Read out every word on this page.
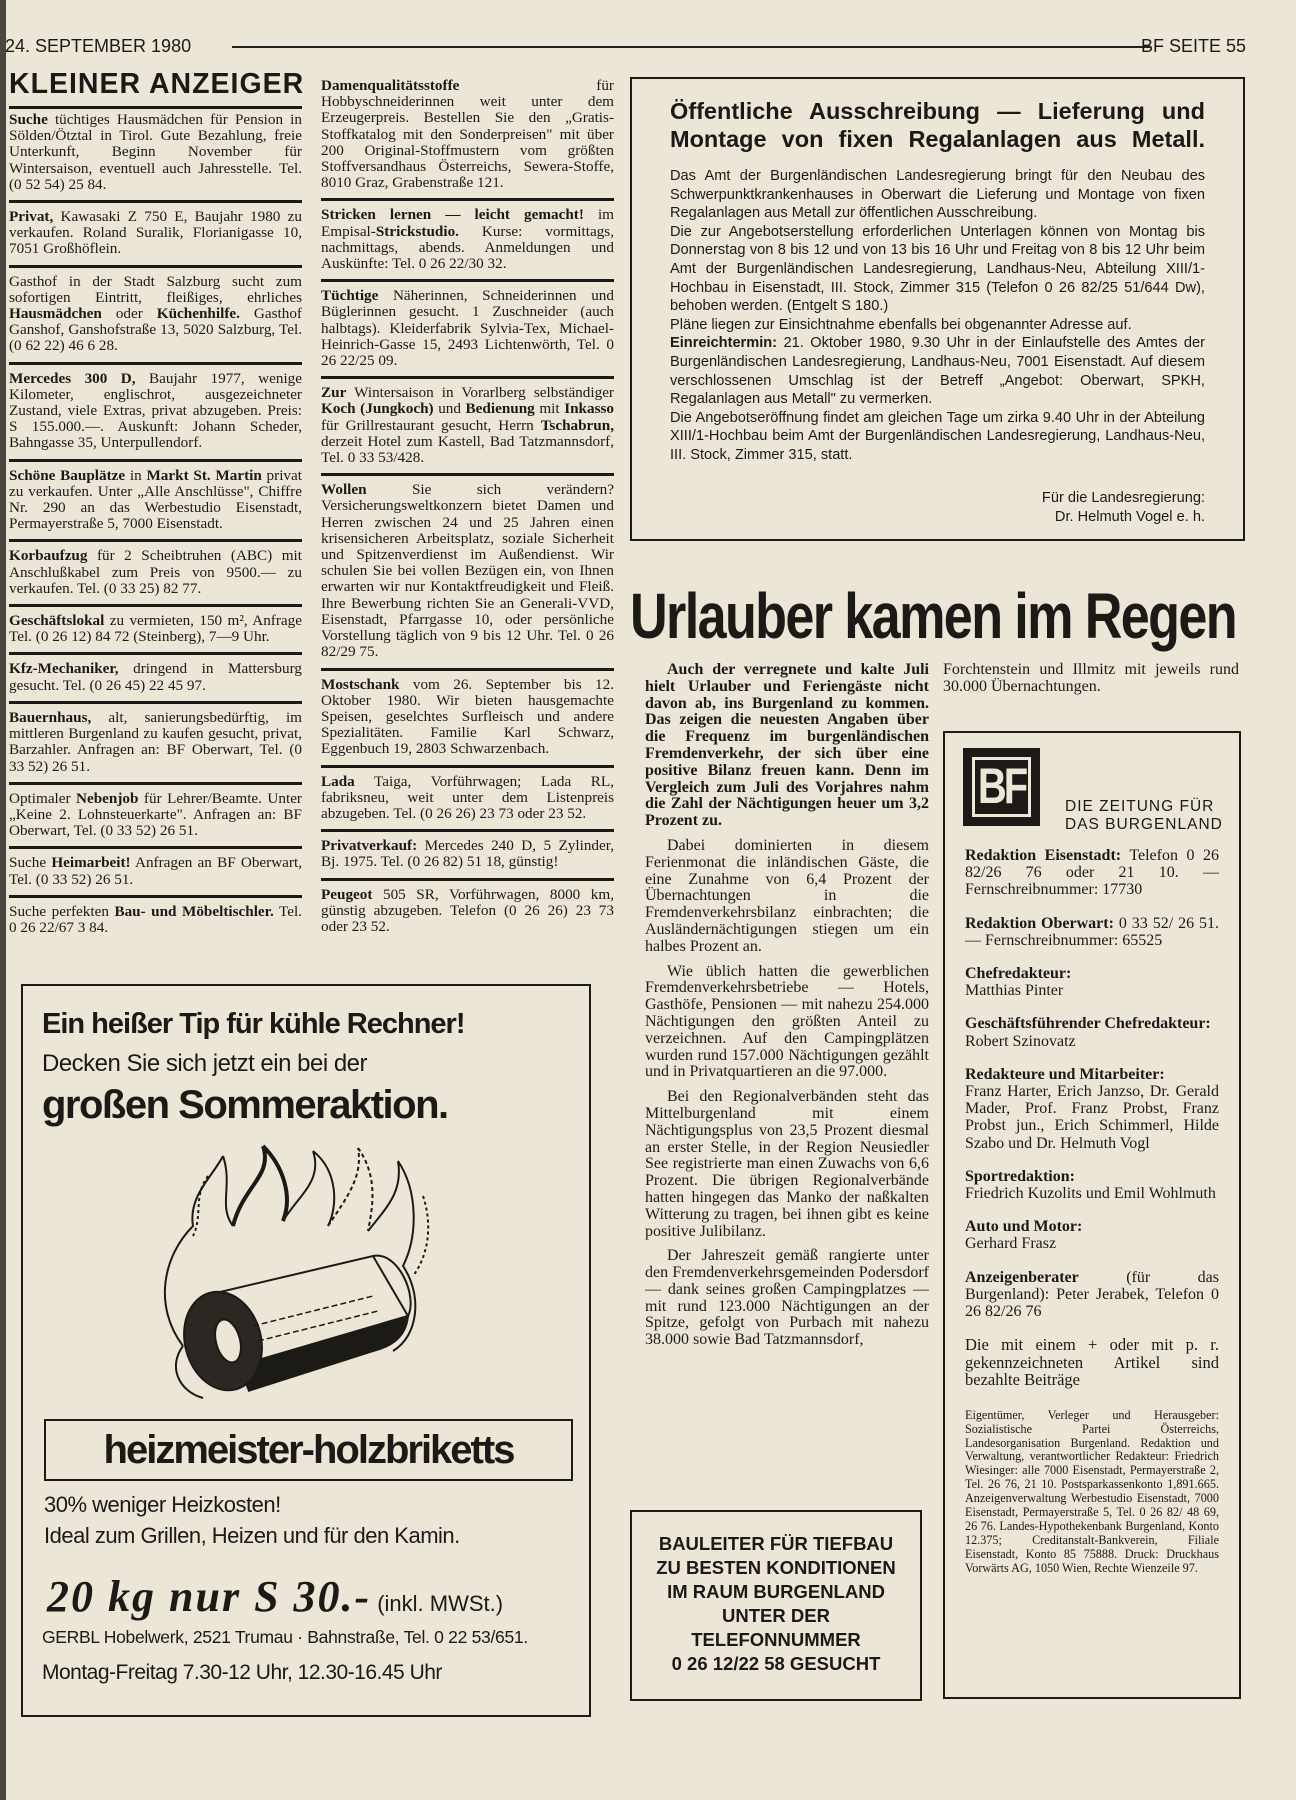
24. SEPTEMBER 1980	BF SEITE 55
KLEINER ANZEIGER

Suche tüchtiges Hausmädchen für Pension in Sölden/Ötztal in Tirol. Gute Bezahlung, freie Unterkunft, Beginn November für Wintersaison, eventuell auch Jahresstelle. Tel. (0 52 54) 25 84.

Privat, Kawasaki Z 750 E, Baujahr 1980 zu verkaufen. Roland Suralik, Florianigasse 10, 7051 Großhöflein.

Gasthof in der Stadt Salzburg sucht zum sofortigen Eintritt, fleißiges, ehrliches Hausmädchen oder Küchenhilfe. Gasthof Ganshof, Ganshofstraße 13, 5020 Salzburg, Tel. (0 62 22) 46 6 28.

Mercedes 300 D, Baujahr 1977, wenige Kilometer, englischrot, ausgezeichneter Zustand, viele Extras, privat abzugeben. Preis: S 155.000.—. Auskunft: Johann Scheder, Bahngasse 35, Unterpullendorf.

Schöne Bauplätze in Markt St. Martin privat zu verkaufen. Unter „Alle Anschlüsse", Chiffre Nr. 290 an das Werbestudio Eisenstadt, Permayerstraße 5, 7000 Eisenstadt.

Korbaufzug für 2 Scheibtruhen (ABC) mit Anschlußkabel zum Preis von 9500.— zu verkaufen. Tel. (0 33 25) 82 77.

Geschäftslokal zu vermieten, 150 m², Anfrage Tel. (0 26 12) 84 72 (Steinberg), 7—9 Uhr.

Kfz-Mechaniker, dringend in Mattersburg gesucht. Tel. (0 26 45) 22 45 97.

Bauernhaus, alt, sanierungsbedürftig, im mittleren Burgenland zu kaufen gesucht, privat, Barzahler. Anfragen an: BF Oberwart, Tel. (0 33 52) 26 51.

Optimaler Nebenjob für Lehrer/Beamte. Unter „Keine 2. Lohnsteuerkarte". Anfragen an: BF Oberwart, Tel. (0 33 52) 26 51.

Suche Heimarbeit! Anfragen an BF Oberwart, Tel. (0 33 52) 26 51.

Suche perfekten Bau- und Möbeltischler. Tel. 0 26 22/67 3 84.

Damenqualitätsstoffe für Hobbyschneiderinnen weit unter dem Erzeugerpreis. Bestellen Sie den „Gratis-Stoffkatalog mit den Sonderpreisen" mit über 200 Original-Stoffmustern vom größten Stoffversandhaus Österreichs, Sewera-Stoffe, 8010 Graz, Grabenstraße 121.

Stricken lernen — leicht gemacht! im Empisal-Strickstudio. Kurse: vormittags, nachmittags, abends. Anmeldungen und Auskünfte: Tel. 0 26 22/30 32.

Tüchtige Näherinnen, Schneiderinnen und Büglerinnen gesucht. 1 Zuschneider (auch halbtags). Kleiderfabrik Sylvia-Tex, Michael-Heinrich-Gasse 15, 2493 Lichtenwörth, Tel. 0 26 22/25 09.

Zur Wintersaison in Vorarlberg selbständiger Koch (Jungkoch) und Bedienung mit Inkasso für Grillrestaurant gesucht, Herrn Tschabrun, derzeit Hotel zum Kastell, Bad Tatzmannsdorf, Tel. 0 33 53/428.

Wollen Sie sich verändern? Versicherungsweltkonzern bietet Damen und Herren zwischen 24 und 25 Jahren einen krisensicheren Arbeitsplatz, soziale Sicherheit und Spitzenverdienst im Außendienst. Wir schulen Sie bei vollen Bezügen ein, von Ihnen erwarten wir nur Kontaktfreudigkeit und Fleiß. Ihre Bewerbung richten Sie an Generali-VVD, Eisenstadt, Pfarrgasse 10, oder persönliche Vorstellung täglich von 9 bis 12 Uhr. Tel. 0 26 82/29 75.

Mostschank vom 26. September bis 12. Oktober 1980. Wir bieten hausgemachte Speisen, geselchtes Surfleisch und andere Spezialitäten. Familie Karl Schwarz, Eggenbuch 19, 2803 Schwarzenbach.

Lada Taiga, Vorführwagen; Lada RL, fabriksneu, weit unter dem Listenpreis abzugeben. Tel. (0 26 26) 23 73 oder 23 52.

Privatverkauf: Mercedes 240 D, 5 Zylinder, Bj. 1975. Tel. (0 26 82) 51 18, günstig!

Peugeot 505 SR, Vorführwagen, 8000 km, günstig abzugeben. Telefon (0 26 26) 23 73 oder 23 52.

Öffentliche Ausschreibung — Lieferung und Montage von fixen Regalanlagen aus Metall.

Das Amt der Burgenländischen Landesregierung bringt für den Neubau des Schwerpunktkrankenhauses in Oberwart die Lieferung und Montage von fixen Regalanlagen aus Metall zur öffentlichen Ausschreibung.

Die zur Angebotserstellung erforderlichen Unterlagen können von Montag bis Donnerstag von 8 bis 12 und von 13 bis 16 Uhr und Freitag von 8 bis 12 Uhr beim Amt der Burgenländischen Landesregierung, Landhaus-Neu, Abteilung XIII/1-Hochbau in Eisenstadt, III. Stock, Zimmer 315 (Telefon 0 26 82/25 51/644 Dw), behoben werden. (Entgelt S 180.)

Pläne liegen zur Einsichtnahme ebenfalls bei obgenannter Adresse auf.

Einreichtermin: 21. Oktober 1980, 9.30 Uhr in der Einlaufstelle des Amtes der Burgenländischen Landesregierung, Landhaus-Neu, 7001 Eisenstadt. Auf diesem verschlossenen Umschlag ist der Betreff „Angebot: Oberwart, SPKH, Regalanlagen aus Metall" zu vermerken.

Die Angebotseröffnung findet am gleichen Tage um zirka 9.40 Uhr in der Abteilung XIII/1-Hochbau beim Amt der Burgenländischen Landesregierung, Landhaus-Neu, III. Stock, Zimmer 315, statt.

Für die Landesregierung:
Dr. Helmuth Vogel e. h.
Urlauber kamen im Regen

Auch der verregnete und kalte Juli hielt Urlauber und Feriengäste nicht davon ab, ins Burgenland zu kommen. Das zeigen die neuesten Angaben über die Frequenz im burgenländischen Fremdenverkehr, der sich über eine positive Bilanz freuen kann. Denn im Vergleich zum Juli des Vorjahres nahm die Zahl der Nächtigungen heuer um 3,2 Prozent zu.

Dabei dominierten in diesem Ferienmonat die inländischen Gäste, die eine Zunahme von 6,4 Prozent der Übernachtungen in die Fremdenverkehrsbilanz einbrachten; die Ausländernächtigungen stiegen um ein halbes Prozent an.

Wie üblich hatten die gewerblichen Fremdenverkehrsbetriebe — Hotels, Gasthöfe, Pensionen — mit nahezu 254.000 Nächtigungen den größten Anteil zu verzeichnen. Auf den Campingplätzen wurden rund 157.000 Nächtigungen gezählt und in Privatquartieren an die 97.000.

Bei den Regionalverbänden steht das Mittelburgenland mit einem Nächtigungsplus von 23,5 Prozent diesmal an erster Stelle, in der Region Neusiedler See registrierte man einen Zuwachs von 6,6 Prozent. Die übrigen Regionalverbände hatten hingegen das Manko der naßkalten Witterung zu tragen, bei ihnen gibt es keine positive Julibilanz.

Der Jahreszeit gemäß rangierte unter den Fremdenverkehrsgemeinden Podersdorf — dank seines großen Campingplatzes — mit rund 123.000 Nächtigungen an der Spitze, gefolgt von Purbach mit nahezu 38.000 sowie Bad Tatzmannsdorf,

Forchtenstein und Illmitz mit jeweils rund 30.000 Übernachtungen.

BF	DIE ZEITUNG FÜR
DAS BURGENLAND

Redaktion Eisenstadt: Telefon 0 26 82/26 76 oder 21 10. — Fernschreibnummer: 17730

Redaktion Oberwart: 0 33 52/ 26 51. — Fernschreibnummer: 65525

Chefredakteur:
Matthias Pinter

Geschäftsführender Chefredakteur:
Robert Szinovatz

Redakteure und Mitarbeiter:
Franz Harter, Erich Janzso, Dr. Gerald Mader, Prof. Franz Probst, Franz Probst jun., Erich Schimmerl, Hilde Szabo und Dr. Helmuth Vogl

Sportredaktion:
Friedrich Kuzolits und Emil Wohlmuth

Auto und Motor:
Gerhard Frasz

Anzeigenberater (für das Burgenland): Peter Jerabek, Telefon 0 26 82/26 76

Die mit einem + oder mit p. r. gekennzeichneten Artikel sind bezahlte Beiträge

Eigentümer, Verleger und Herausgeber: Sozialistische Partei Österreichs, Landesorganisation Burgenland. Redaktion und Verwaltung, verantwortlicher Redakteur: Friedrich Wiesinger: alle 7000 Eisenstadt, Permayerstraße 2, Tel. 26 76, 21 10. Postsparkassenkonto 1,891.665. Anzeigenverwaltung Werbestudio Eisenstadt, 7000 Eisenstadt, Permayerstraße 5, Tel. 0 26 82/ 48 69, 26 76. Landes-Hypothekenbank Burgenland, Konto 12.375; Creditanstalt-Bankverein, Filiale Eisenstadt, Konto 85 75888. Druck: Druckhaus Vorwärts AG, 1050 Wien, Rechte Wienzeile 97.

BAULEITER FÜR TIEFBAU
ZU BESTEN KONDITIONEN
IM RAUM BURGENLAND
UNTER DER
TELEFONNUMMER
0 26 12/22 58 GESUCHT
Ein heißer Tip für kühle Rechner!
Decken Sie sich jetzt ein bei der
großen Sommeraktion.
heizmeister-holzbriketts
30% weniger Heizkosten!
Ideal zum Grillen, Heizen und für den Kamin.
20 kg nur S 30.- (inkl. MWSt.)
GERBL Hobelwerk, 2521 Trumau · Bahnstraße, Tel. 0 22 53/651.
Montag-Freitag 7.30-12 Uhr, 12.30-16.45 Uhr
